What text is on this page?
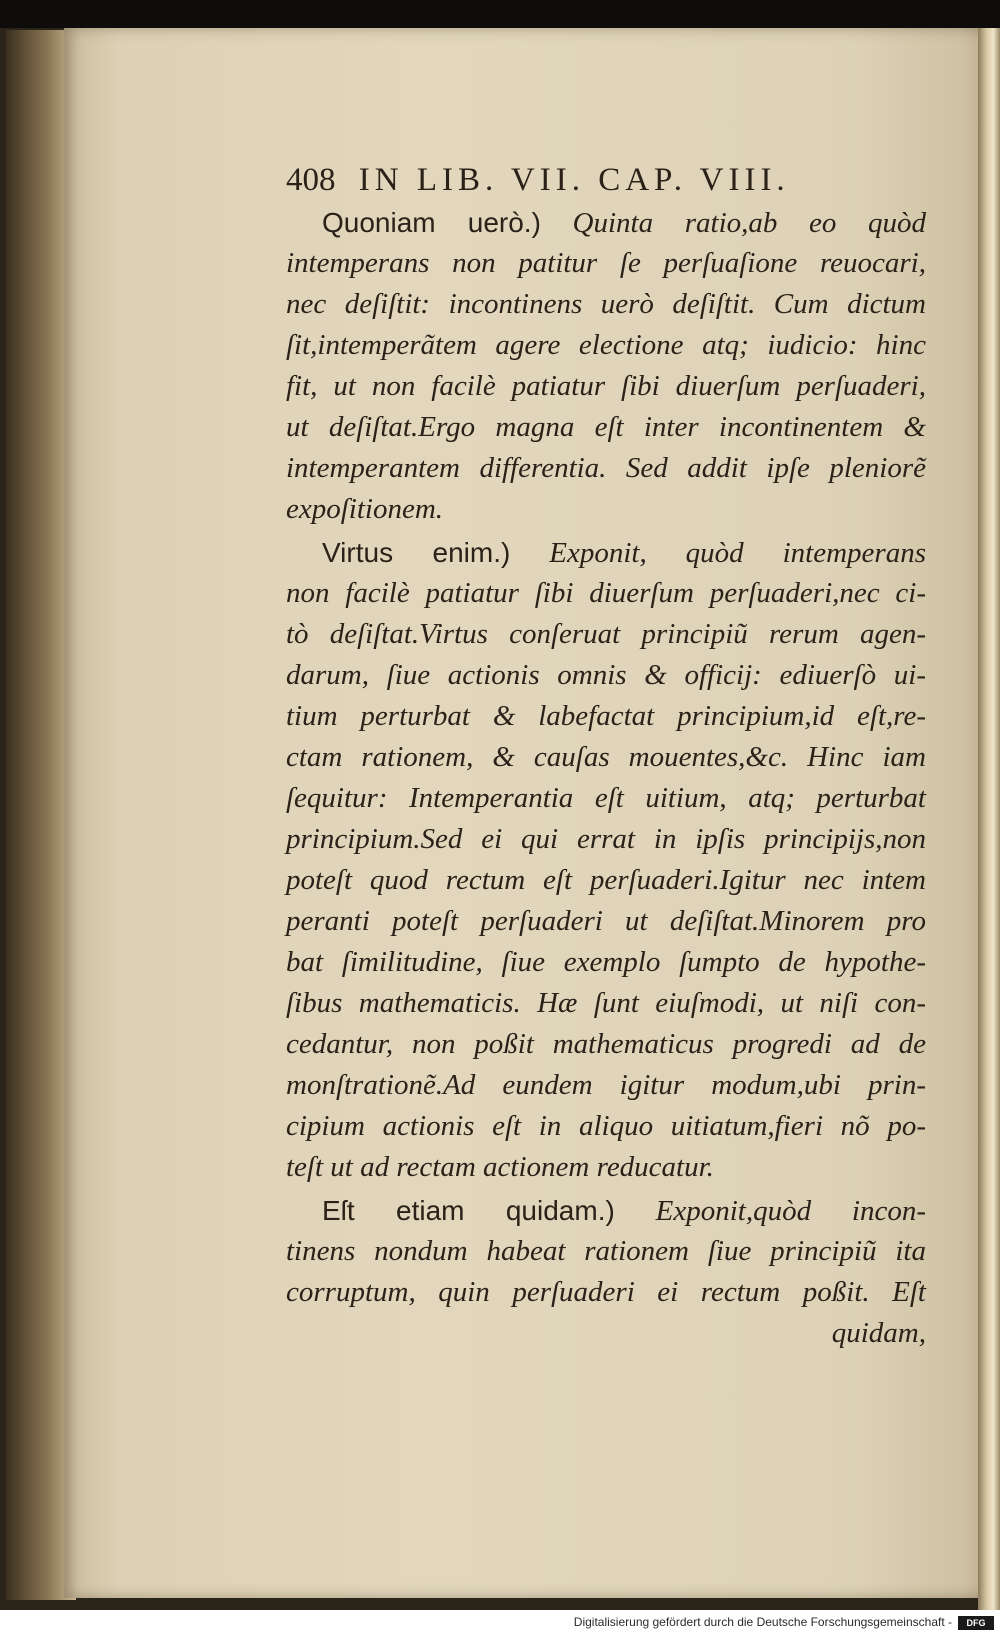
408 IN LIB. VII. CAP. VIII.
Quoniam uerò.) Quinta ratio,ab eo quòd
intemperans non patitur ſe perſuaſione reuocari,
nec deſiſtit: incontinens uerò deſiſtit. Cum dictum
ſit,intemperãtem agere electione atq; iudicio: hinc
fit, ut non facilè patiatur ſibi diuerſum perſuaderi,
ut deſiſtat.Ergo magna eſt inter incontinentem &
intemperantem differentia. Sed addit ipſe pleniorẽ
expoſitionem.
Virtus enim.) Exponit, quòd intemperans
non facilè patiatur ſibi diuerſum perſuaderi,nec ci-
tò deſiſtat.Virtus conſeruat principiũ rerum agen-
darum, ſiue actionis omnis & officij: ediuerſò ui-
tium perturbat & labefactat principium,id eſt,re-
ctam rationem, & cauſas mouentes,&c. Hinc iam
ſequitur: Intemperantia eſt uitium, atq; perturbat
principium.Sed ei qui errat in ipſis principijs,non
poteſt quod rectum eſt perſuaderi.Igitur nec intem
peranti poteſt perſuaderi ut deſiſtat.Minorem pro
bat ſimilitudine, ſiue exemplo ſumpto de hypothe-
ſibus mathematicis. Hæ ſunt eiuſmodi, ut niſi con-
cedantur, non poßit mathematicus progredi ad de
monſtrationẽ.Ad eundem igitur modum,ubi prin-
cipium actionis eſt in aliquo uitiatum,fieri nõ po-
teſt ut ad rectam actionem reducatur.
Eſt etiam quidam.) Exponit,quòd incon-
tinens nondum habeat rationem ſiue principiũ ita
corruptum, quin perſuaderi ei rectum poßit. Eſt
quidam,
Digitalisierung gefördert durch die Deutsche Forschungsgemeinschaft -	DFG
